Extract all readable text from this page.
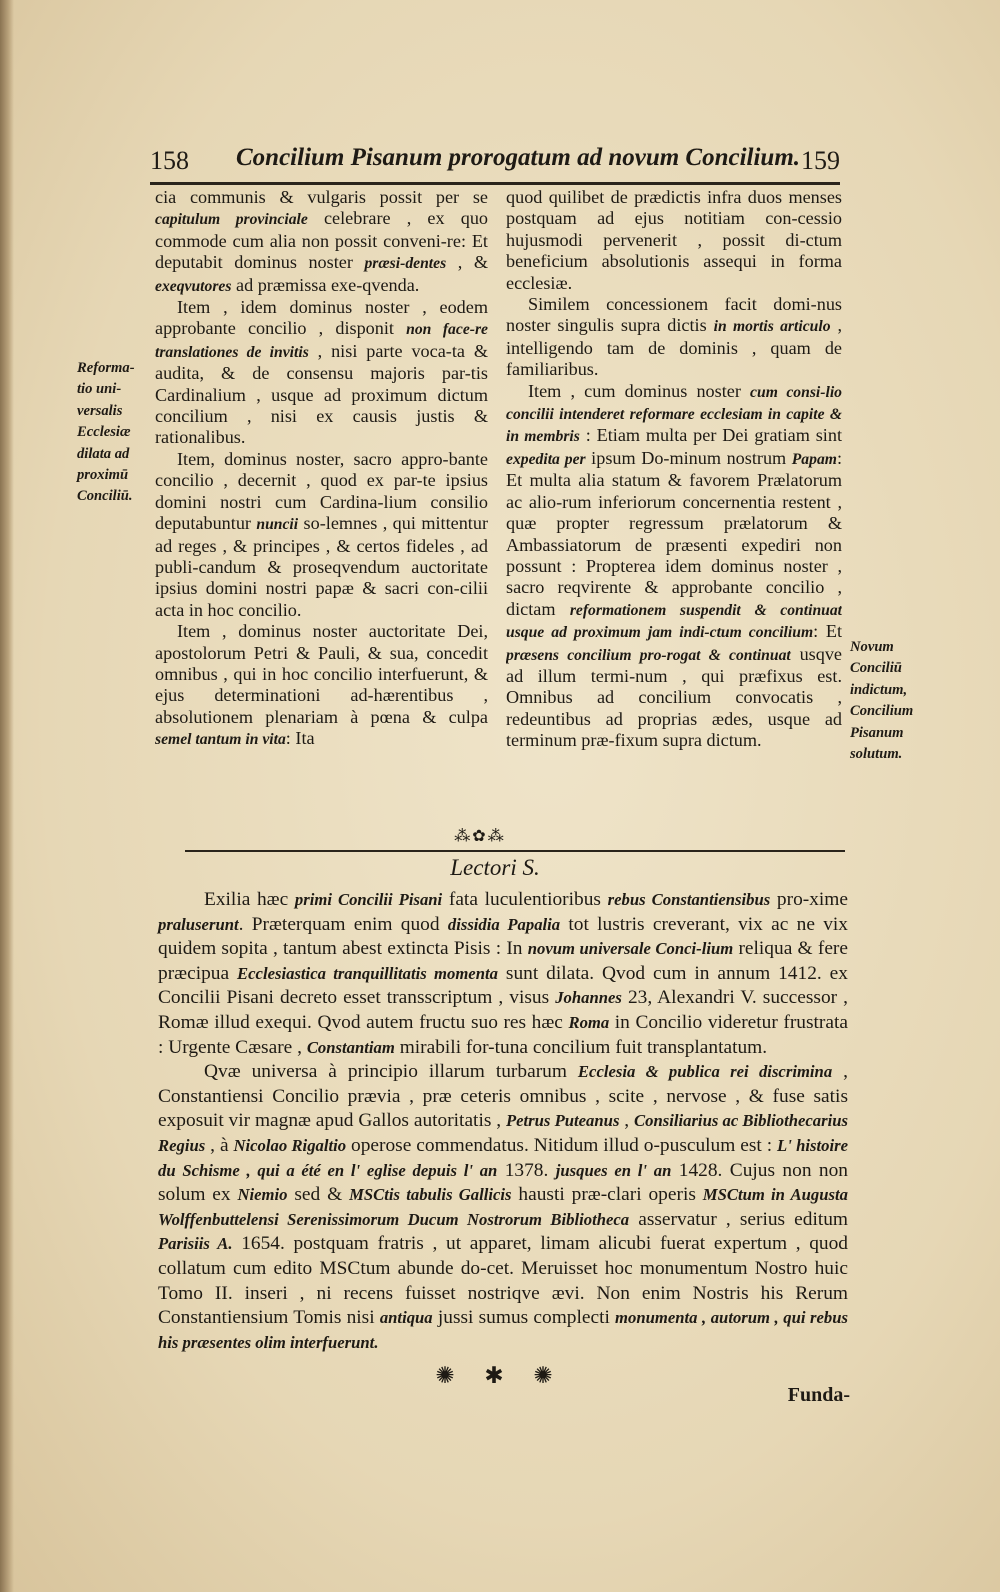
158 Concilium Pisanum prorogatum ad novum Concilium. 159

cia communis & vulgaris possit per se capitulum provinciale celebrare , ex quo commode cum alia non possit conveni-re: Et deputabit dominus noster præsi-dentes , & exeqvutores ad præmissa exe-qvenda.

Item , idem dominus noster , eodem approbante concilio , disponit non face-re translationes de invitis , nisi parte voca-ta & audita, & de consensu majoris par-tis Cardinalium , usque ad proximum dictum concilium , nisi ex causis justis & rationalibus.

Item, dominus noster, sacro appro-bante concilio , decernit , quod ex par-te ipsius domini nostri cum Cardina-lium consilio deputabuntur nuncii so-lemnes , qui mittentur ad reges , & principes , & certos fideles , ad publi-candum & proseqvendum auctoritate ipsius domini nostri papæ & sacri con-cilii acta in hoc concilio.

Item , dominus noster auctoritate Dei, apostolorum Petri & Pauli, & sua, concedit omnibus , qui in hoc concilio interfuerunt, & ejus determinationi ad-hærentibus , absolutionem plenariam à pœna & culpa semel tantum in vita: Ita

quod quilibet de prædictis infra duos menses postquam ad ejus notitiam con-cessio hujusmodi pervenerit , possit di-ctum beneficium absolutionis assequi in forma ecclesiæ.

Similem concessionem facit domi-nus noster singulis supra dictis in mortis articulo , intelligendo tam de dominis , quam de familiaribus.

Item , cum dominus noster cum consi-lio concilii intenderet reformare ecclesiam in capite & in membris : Etiam multa per Dei gratiam sint expedita per ipsum Do-minum nostrum Papam: Et multa alia statum & favorem Prælatorum ac alio-rum inferiorum concernentia restent , quæ propter regressum prælatorum & Ambassiatorum de præsenti expediri non possunt : Propterea idem dominus noster , sacro reqvirente & approbante concilio , dictam reformationem suspendit & continuat usque ad proximum jam indi-ctum concilium: Et præsens concilium pro-rogat & continuat usqve ad illum termi-num , qui præfixus est. Omnibus ad concilium convocatis , redeuntibus ad proprias ædes, usque ad terminum præ-fixum supra dictum.

Reforma-
tio uni-
versalis
Ecclesiæ
dilata ad
proximū
Conciliū.
Novum
Conciliū
indictum,
Concilium
Pisanum
solutum.
⁂✿⁂
Lectori S.

Exilia hæc primi Concilii Pisani fata luculentioribus rebus Constantiensibus pro-xime praluserunt. Præterquam enim quod dissidia Papalia tot lustris creverant, vix ac ne vix quidem sopita , tantum abest extincta Pisis : In novum universale Conci-lium reliqua & fere præcipua Ecclesiastica tranquillitatis momenta sunt dilata. Qvod cum in annum 1412. ex Concilii Pisani decreto esset transscriptum , visus Johannes 23, Alexandri V. successor , Romæ illud exequi. Qvod autem fructu suo res hæc Roma in Concilio videretur frustrata : Urgente Cæsare , Constantiam mirabili for-tuna concilium fuit transplantatum.

Qvæ universa à principio illarum turbarum Ecclesia & publica rei discrimina , Constantiensi Concilio prævia , præ ceteris omnibus , scite , nervose , & fuse satis exposuit vir magnæ apud Gallos autoritatis , Petrus Puteanus , Consiliarius ac Bibliothecarius Regius , à Nicolao Rigaltio operose commendatus. Nitidum illud o-pusculum est : L' histoire du Schisme , qui a été en l' eglise depuis l' an 1378. jusques en l' an 1428. Cujus non non solum ex Niemio sed & MSCtis tabulis Gallicis hausti præ-clari operis MSCtum in Augusta Wolffenbuttelensi Serenissimorum Ducum Nostrorum Bibliotheca asservatur , serius editum Parisiis A. 1654. postquam fratris , ut apparet, limam alicubi fuerat expertum , quod collatum cum edito MSCtum abunde do-cet. Meruisset hoc monumentum Nostro huic Tomo II. inseri , ni recens fuisset nostriqve ævi. Non enim Nostris his Rerum Constantiensium Tomis nisi antiqua jussi sumus complecti monumenta , autorum , qui rebus his præsentes olim interfuerunt.

✺ ✱ ✺
Funda-
